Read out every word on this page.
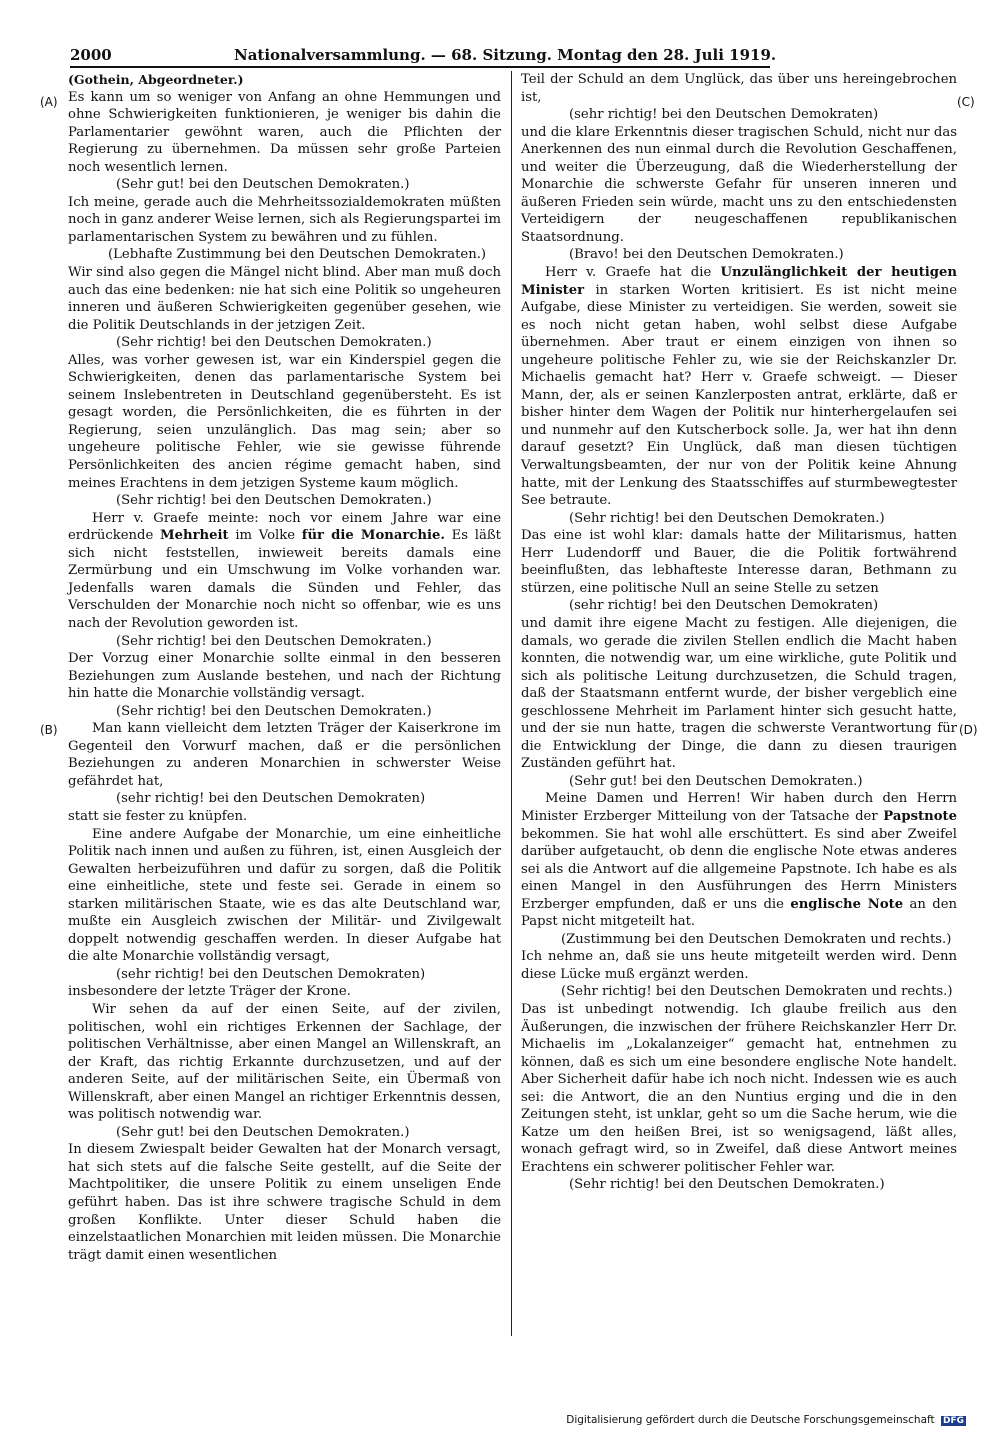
2000	Nationalversammlung. — 68. Sitzung. Montag den 28. Juli 1919.
(A)
(B)
(C)
(D)

(Gothein, Abgeordneter.)

Es kann um so weniger von Anfang an ohne Hemmungen und ohne Schwierigkeiten funktionieren, je weniger bis dahin die Parlamentarier gewöhnt waren, auch die Pflichten der Regierung zu übernehmen. Da müssen sehr große Parteien noch wesentlich lernen.

(Sehr gut! bei den Deutschen Demokraten.)

Ich meine, gerade auch die Mehrheitssozialdemokraten müßten noch in ganz anderer Weise lernen, sich als Regierungspartei im parlamentarischen System zu bewähren und zu fühlen.

(Lebhafte Zustimmung bei den Deutschen Demokraten.)

Wir sind also gegen die Mängel nicht blind. Aber man muß doch auch das eine bedenken: nie hat sich eine Politik so ungeheuren inneren und äußeren Schwierigkeiten gegenüber gesehen, wie die Politik Deutschlands in der jetzigen Zeit.

(Sehr richtig! bei den Deutschen Demokraten.)

Alles, was vorher gewesen ist, war ein Kinderspiel gegen die Schwierigkeiten, denen das parlamentarische System bei seinem Inslebentreten in Deutschland gegenübersteht. Es ist gesagt worden, die Persönlichkeiten, die es führten in der Regierung, seien unzulänglich. Das mag sein; aber so ungeheure politische Fehler, wie sie gewisse führende Persönlichkeiten des ancien régime gemacht haben, sind meines Erachtens in dem jetzigen Systeme kaum möglich.

(Sehr richtig! bei den Deutschen Demokraten.)

Herr v. Graefe meinte: noch vor einem Jahre war eine erdrückende Mehrheit im Volke für die Monarchie. Es läßt sich nicht feststellen, inwieweit bereits damals eine Zermürbung und ein Umschwung im Volke vorhanden war. Jedenfalls waren damals die Sünden und Fehler, das Verschulden der Monarchie noch nicht so offenbar, wie es uns nach der Revolution geworden ist.

(Sehr richtig! bei den Deutschen Demokraten.)

Der Vorzug einer Monarchie sollte einmal in den besseren Beziehungen zum Auslande bestehen, und nach der Richtung hin hatte die Monarchie vollständig versagt.

(Sehr richtig! bei den Deutschen Demokraten.)

Man kann vielleicht dem letzten Träger der Kaiserkrone im Gegenteil den Vorwurf machen, daß er die persönlichen Beziehungen zu anderen Monarchien in schwerster Weise gefährdet hat,

(sehr richtig! bei den Deutschen Demokraten)

statt sie fester zu knüpfen.

Eine andere Aufgabe der Monarchie, um eine einheitliche Politik nach innen und außen zu führen, ist, einen Ausgleich der Gewalten herbeizuführen und dafür zu sorgen, daß die Politik eine einheitliche, stete und feste sei. Gerade in einem so starken militärischen Staate, wie es das alte Deutschland war, mußte ein Ausgleich zwischen der Militär- und Zivilgewalt doppelt notwendig geschaffen werden. In dieser Aufgabe hat die alte Monarchie vollständig versagt,

(sehr richtig! bei den Deutschen Demokraten)

insbesondere der letzte Träger der Krone.

Wir sehen da auf der einen Seite, auf der zivilen, politischen, wohl ein richtiges Erkennen der Sachlage, der politischen Verhältnisse, aber einen Mangel an Willenskraft, an der Kraft, das richtig Erkannte durchzusetzen, und auf der anderen Seite, auf der militärischen Seite, ein Übermaß von Willenskraft, aber einen Mangel an richtiger Erkenntnis dessen, was politisch notwendig war.

(Sehr gut! bei den Deutschen Demokraten.)

In diesem Zwiespalt beider Gewalten hat der Monarch versagt, hat sich stets auf die falsche Seite gestellt, auf die Seite der Machtpolitiker, die unsere Politik zu einem unseligen Ende geführt haben. Das ist ihre schwere tragische Schuld in dem großen Konflikte. Unter dieser Schuld haben die einzelstaatlichen Monarchien mit leiden müssen. Die Monarchie trägt damit einen wesentlichen

Teil der Schuld an dem Unglück, das über uns hereingebrochen ist,

(sehr richtig! bei den Deutschen Demokraten)

und die klare Erkenntnis dieser tragischen Schuld, nicht nur das Anerkennen des nun einmal durch die Revolution Geschaffenen, und weiter die Überzeugung, daß die Wiederherstellung der Monarchie die schwerste Gefahr für unseren inneren und äußeren Frieden sein würde, macht uns zu den entschiedensten Verteidigern der neugeschaffenen republikanischen Staatsordnung.

(Bravo! bei den Deutschen Demokraten.)

Herr v. Graefe hat die Unzulänglichkeit der heutigen Minister in starken Worten kritisiert. Es ist nicht meine Aufgabe, diese Minister zu verteidigen. Sie werden, soweit sie es noch nicht getan haben, wohl selbst diese Aufgabe übernehmen. Aber traut er einem einzigen von ihnen so ungeheure politische Fehler zu, wie sie der Reichskanzler Dr. Michaelis gemacht hat? Herr v. Graefe schweigt. — Dieser Mann, der, als er seinen Kanzlerposten antrat, erklärte, daß er bisher hinter dem Wagen der Politik nur hinterhergelaufen sei und nunmehr auf den Kutscherbock solle. Ja, wer hat ihn denn darauf gesetzt? Ein Unglück, daß man diesen tüchtigen Verwaltungsbeamten, der nur von der Politik keine Ahnung hatte, mit der Lenkung des Staatsschiffes auf sturmbewegtester See betraute.

(Sehr richtig! bei den Deutschen Demokraten.)

Das eine ist wohl klar: damals hatte der Militarismus, hatten Herr Ludendorff und Bauer, die die Politik fortwährend beeinflußten, das lebhafteste Interesse daran, Bethmann zu stürzen, eine politische Null an seine Stelle zu setzen

(sehr richtig! bei den Deutschen Demokraten)

und damit ihre eigene Macht zu festigen. Alle diejenigen, die damals, wo gerade die zivilen Stellen endlich die Macht haben konnten, die notwendig war, um eine wirkliche, gute Politik und sich als politische Leitung durchzusetzen, die Schuld tragen, daß der Staatsmann entfernt wurde, der bisher vergeblich eine geschlossene Mehrheit im Parlament hinter sich gesucht hatte, und der sie nun hatte, tragen die schwerste Verantwortung für die Entwicklung der Dinge, die dann zu diesen traurigen Zuständen geführt hat.

(Sehr gut! bei den Deutschen Demokraten.)

Meine Damen und Herren! Wir haben durch den Herrn Minister Erzberger Mitteilung von der Tatsache der Papstnote bekommen. Sie hat wohl alle erschüttert. Es sind aber Zweifel darüber aufgetaucht, ob denn die englische Note etwas anderes sei als die Antwort auf die allgemeine Papstnote. Ich habe es als einen Mangel in den Ausführungen des Herrn Ministers Erzberger empfunden, daß er uns die englische Note an den Papst nicht mitgeteilt hat.

(Zustimmung bei den Deutschen Demokraten und rechts.)

Ich nehme an, daß sie uns heute mitgeteilt werden wird. Denn diese Lücke muß ergänzt werden.

(Sehr richtig! bei den Deutschen Demokraten und rechts.)

Das ist unbedingt notwendig. Ich glaube freilich aus den Äußerungen, die inzwischen der frühere Reichskanzler Herr Dr. Michaelis im „Lokalanzeiger“ gemacht hat, entnehmen zu können, daß es sich um eine besondere englische Note handelt. Aber Sicherheit dafür habe ich noch nicht. Indessen wie es auch sei: die Antwort, die an den Nuntius erging und die in den Zeitungen steht, ist unklar, geht so um die Sache herum, wie die Katze um den heißen Brei, ist so wenigsagend, läßt alles, wonach gefragt wird, so in Zweifel, daß diese Antwort meines Erachtens ein schwerer politischer Fehler war.

(Sehr richtig! bei den Deutschen Demokraten.)

Digitalisierung gefördert durch die Deutsche Forschungsgemeinschaft DFG
